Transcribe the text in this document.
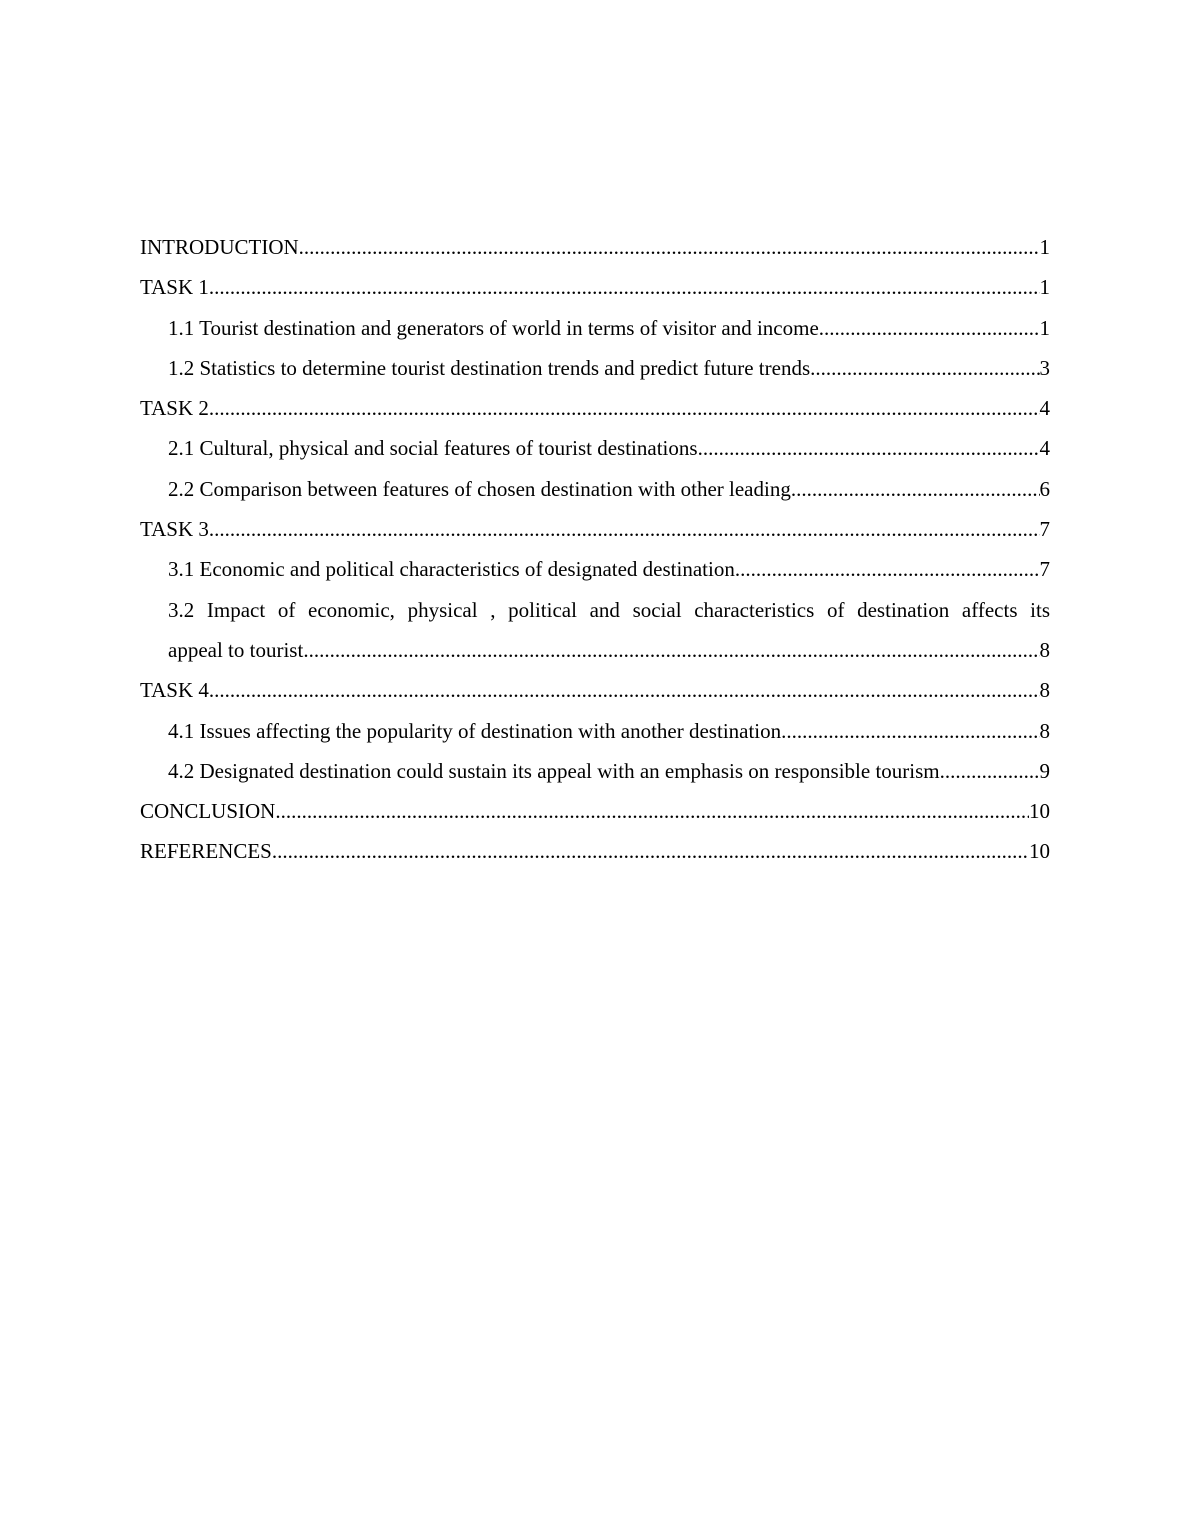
INTRODUCTION .....	1
TASK 1 .....	1
1.1 Tourist destination and generators of world in terms of visitor and income .....	1
1.2 Statistics to determine tourist destination trends and predict future trends .....	3
TASK 2 .....	4
2.1 Cultural, physical and social features of tourist destinations .....	4
2.2 Comparison between features of chosen destination with other leading .....	6
TASK 3 .....	7
3.1 Economic and political characteristics of designated destination .....	7
3.2 Impact of economic, physical , political and social characteristics of destination affects its
appeal to tourist .....	8
TASK 4 .....	8
4.1 Issues affecting the popularity of destination with another destination .....	8
4.2 Designated destination could sustain its appeal with an emphasis on responsible tourism .....	9
CONCLUSION .....	10
REFERENCES .....	10
